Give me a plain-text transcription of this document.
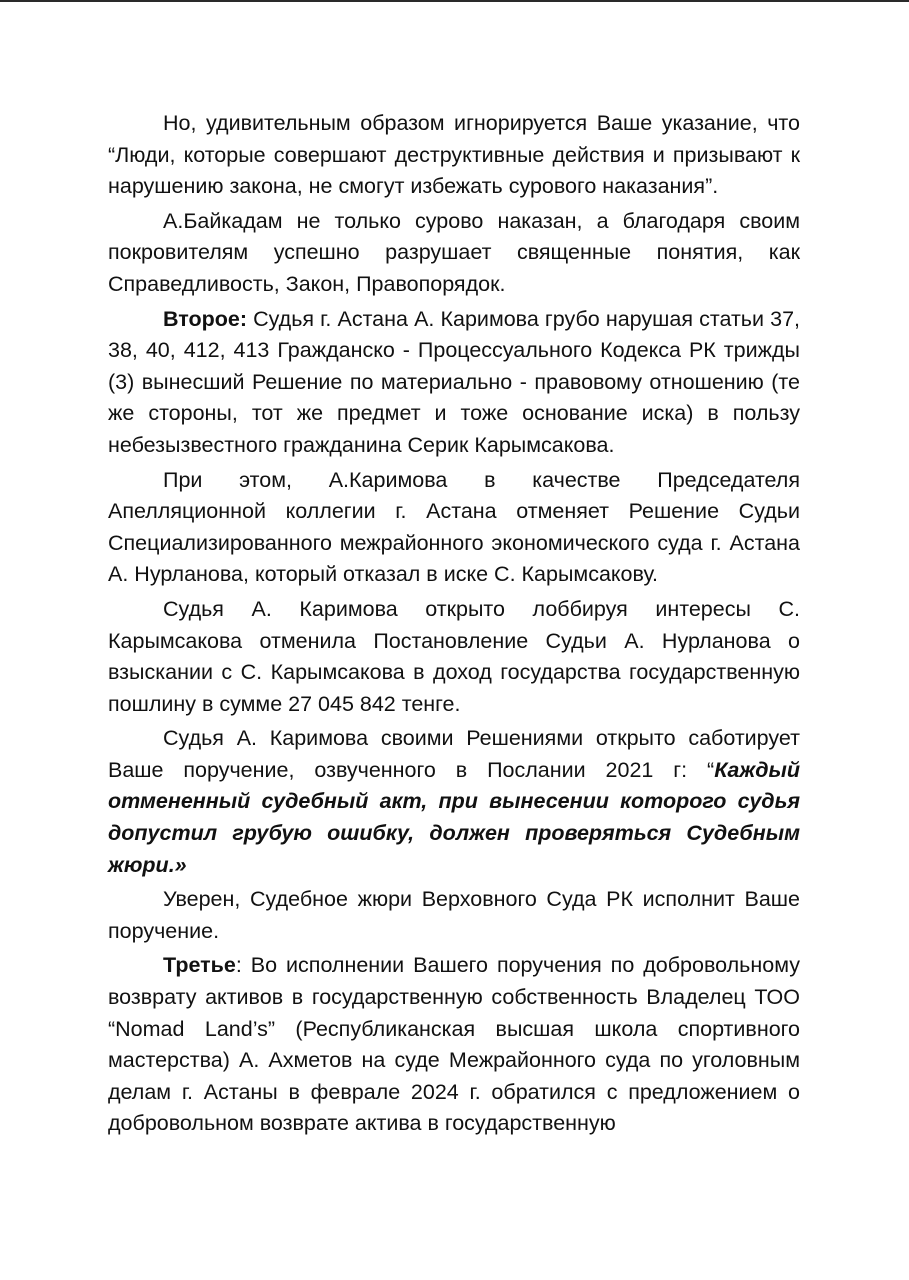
Но, удивительным образом игнорируется Ваше указание, что “Люди, которые совершают деструктивные действия и призывают к нарушению закона, не смогут избежать сурового наказания”.

А.Байкадам не только сурово наказан, а благодаря своим покровителям успешно разрушает священные понятия, как Справедливость, Закон, Правопорядок.

Второе: Судья г. Астана А. Каримова грубо нарушая статьи 37, 38, 40, 412, 413 Гражданско - Процессуального Кодекса РК трижды (3) вынесший Решение по материально - правовому отношению (те же стороны, тот же предмет и тоже основание иска) в пользу небезызвестного гражданина Серик Карымсакова.

При этом, А.Каримова в качестве Председателя Апелляционной коллегии г. Астана отменяет Решение Судьи Специализированного межрайонного экономического суда г. Астана А. Нурланова, который отказал в иске С. Карымсакову.

Судья А. Каримова открыто лоббируя интересы С. Карымсакова отменила Постановление Судьи А. Нурланова о взыскании с С. Карымсакова в доход государства государственную пошлину в сумме 27 045 842 тенге.

Судья А. Каримова своими Решениями открыто саботирует Ваше поручение, озвученного в Послании 2021 г: “Каждый отмененный судебный акт, при вынесении которого судья допустил грубую ошибку, должен проверяться Судебным жюри.»

Уверен, Судебное жюри Верховного Суда РК исполнит Ваше поручение.

Третье: Во исполнении Вашего поручения по добровольному возврату активов в государственную собственность Владелец ТОО “Nomad Land’s” (Республиканская высшая школа спортивного мастерства) А. Ахметов на суде Межрайонного суда по уголовным делам г. Астаны в феврале 2024 г. обратился с предложением о добровольном возврате актива в государственную
